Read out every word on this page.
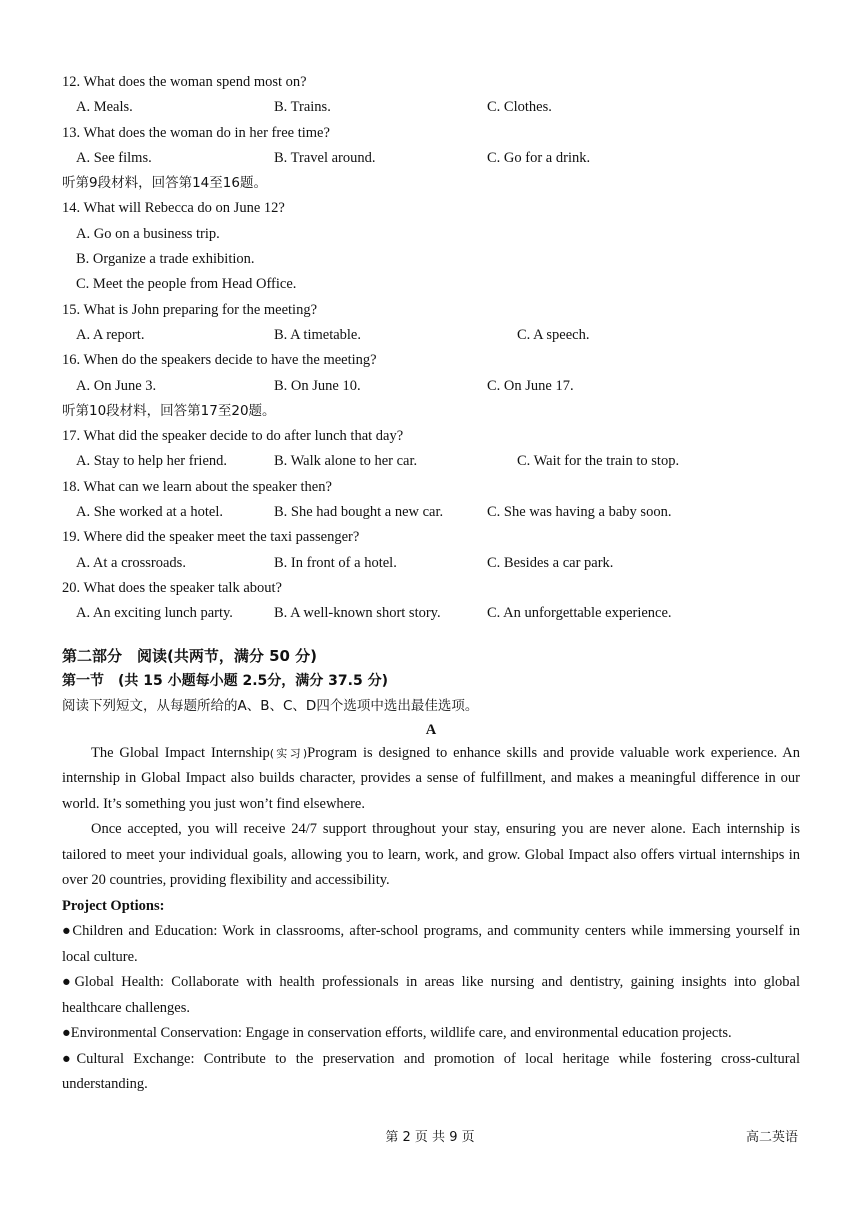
12. What does the woman spend most on?
A. Meals.	B. Trains.	C. Clothes.
13. What does the woman do in her free time?
A. See films.	B. Travel around.	C. Go for a drink.
听第9段材料，回答第14至16题。
14. What will Rebecca do on June 12?
A. Go on a business trip.
B. Organize a trade exhibition.
C. Meet the people from Head Office.
15. What is John preparing for the meeting?
A. A report.	B. A timetable.	C. A speech.
16. When do the speakers decide to have the meeting?
A. On June 3.	B. On June 10.	C. On June 17.
听第10段材料，回答第17至20题。
17. What did the speaker decide to do after lunch that day?
A. Stay to help her friend.	B. Walk alone to her car.	C. Wait for the train to stop.
18. What can we learn about the speaker then?
A. She worked at a hotel.	B. She had bought a new car.	C. She was having a baby soon.
19. Where did the speaker meet the taxi passenger?
A. At a crossroads.	B. In front of a hotel.	C. Besides a car park.
20. What does the speaker talk about?
A. An exciting lunch party.	B. A well-known short story.	C. An unforgettable experience.
第二部分　阅读(共两节，满分 50 分)
第一节　(共 15 小题每小题 2.5分，满分 37.5 分)
阅读下列短文，从每题所给的A、B、C、D四个选项中选出最佳选项。
A

The Global Impact Internship(实习)Program is designed to enhance skills and provide valuable work experience. An internship in Global Impact also builds character, provides a sense of fulfillment, and makes a meaningful difference in our world. It’s something you just won’t find elsewhere.

Once accepted, you will receive 24/7 support throughout your stay, ensuring you are never alone. Each internship is tailored to meet your individual goals, allowing you to learn, work, and grow. Global Impact also offers virtual internships in over 20 countries, providing flexibility and accessibility.

Project Options:

●Children and Education: Work in classrooms, after-school programs, and community centers while immersing yourself in local culture.

●Global Health: Collaborate with health professionals in areas like nursing and dentistry, gaining insights into global healthcare challenges.

●Environmental Conservation: Engage in conservation efforts, wildlife care, and environmental education projects.

●Cultural Exchange: Contribute to the preservation and promotion of local heritage while fostering cross-cultural understanding.

第 2 页 共 9 页	高二英语
